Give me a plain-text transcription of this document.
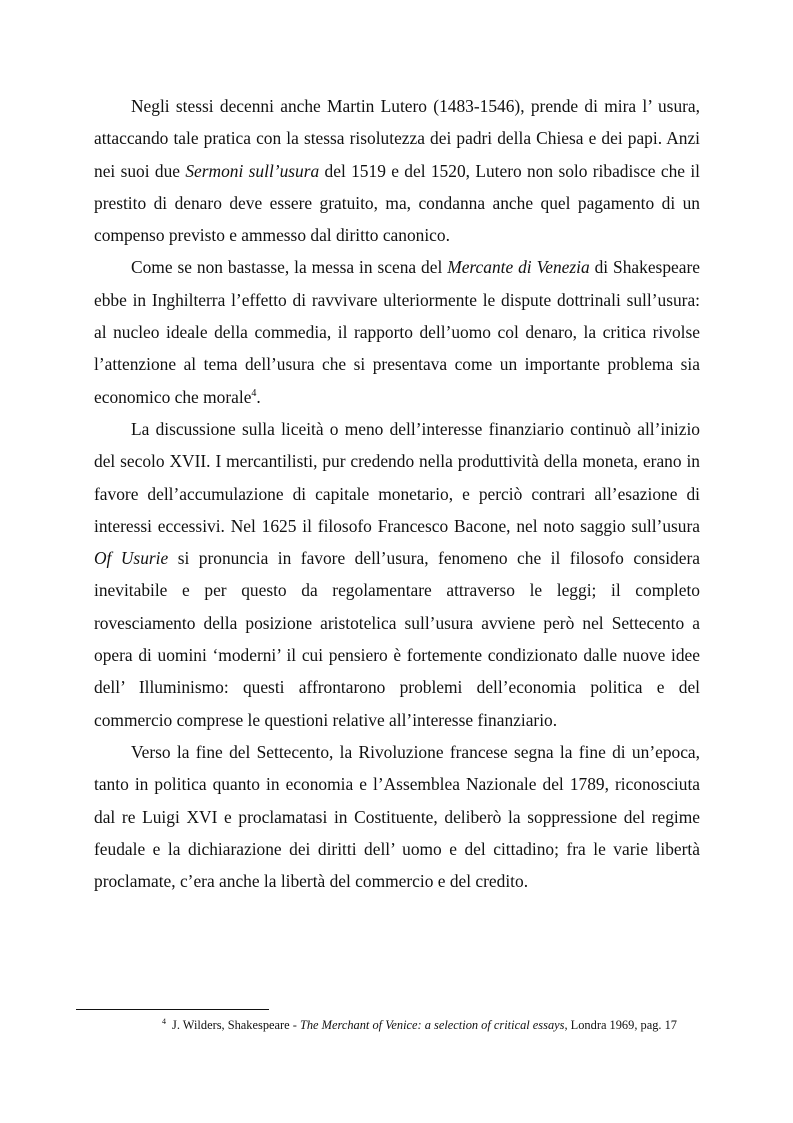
Negli stessi decenni anche Martin Lutero (1483-1546), prende di mira l’ usura, attaccando tale pratica con la stessa risolutezza dei padri della Chiesa e dei papi. Anzi nei suoi due Sermoni sull’usura del 1519 e del 1520, Lutero non solo ribadisce che il prestito di denaro deve essere gratuito, ma, condanna anche quel pagamento di un compenso previsto e ammesso dal diritto canonico.

Come se non bastasse, la messa in scena del Mercante di Venezia di Shakespeare ebbe in Inghilterra l’effetto di ravvivare ulteriormente le dispute dottrinali sull’usura: al nucleo ideale della commedia, il rapporto dell’uomo col denaro, la critica rivolse l’attenzione al tema dell’usura che si presentava come un importante problema sia economico che morale$^4$.

La discussione sulla liceità o meno dell’interesse finanziario continuò all’inizio del secolo XVII. I mercantilisti, pur credendo nella produttività della moneta, erano in favore dell’accumulazione di capitale monetario, e perciò contrari all’esazione di interessi eccessivi. Nel 1625 il filosofo Francesco Bacone, nel noto saggio sull’usura Of Usurie si pronuncia in favore dell’usura, fenomeno che il filosofo considera inevitabile e per questo da regolamentare attraverso le leggi; il completo rovesciamento della posizione aristotelica sull’usura avviene però nel Settecento a opera di uomini ‘moderni’ il cui pensiero è fortemente condizionato dalle nuove idee dell’ Illuminismo: questi affrontarono problemi dell’economia politica e del commercio comprese le questioni relative all’interesse finanziario.

Verso la fine del Settecento, la Rivoluzione francese segna la fine di un’epoca, tanto in politica quanto in economia e l’Assemblea Nazionale del 1789, riconosciuta dal re Luigi XVI e proclamatasi in Costituente, deliberò la soppressione del regime feudale e la dichiarazione dei diritti dell’ uomo e del cittadino; fra le varie libertà proclamate, c’era anche la libertà del commercio e del credito.

$^4$ J. Wilders, Shakespeare - The Merchant of Venice: a selection of critical essays, Londra 1969, pag. 17
